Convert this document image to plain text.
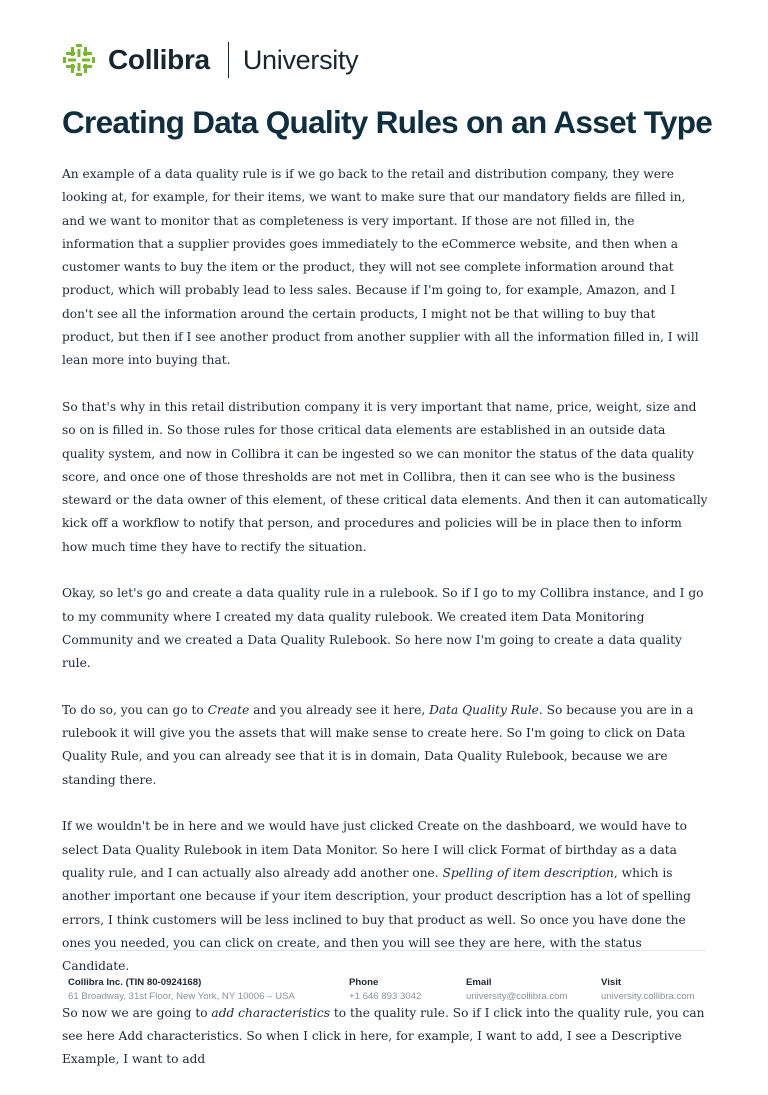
Collibra University
Creating Data Quality Rules on an Asset Type

An example of a data quality rule is if we go back to the retail and distribution company, they were looking at, for example, for their items, we want to make sure that our mandatory fields are filled in, and we want to monitor that as completeness is very important. If those are not filled in, the information that a supplier provides goes immediately to the eCommerce website, and then when a customer wants to buy the item or the product, they will not see complete information around that product, which will probably lead to less sales. Because if I'm going to, for example, Amazon, and I don't see all the information around the certain products, I might not be that willing to buy that product, but then if I see another product from another supplier with all the information filled in, I will lean more into buying that.

So that's why in this retail distribution company it is very important that name, price, weight, size and so on is filled in. So those rules for those critical data elements are established in an outside data quality system, and now in Collibra it can be ingested so we can monitor the status of the data quality score, and once one of those thresholds are not met in Collibra, then it can see who is the business steward or the data owner of this element, of these critical data elements. And then it can automatically kick off a workflow to notify that person, and procedures and policies will be in place then to inform how much time they have to rectify the situation.

Okay, so let's go and create a data quality rule in a rulebook. So if I go to my Collibra instance, and I go to my community where I created my data quality rulebook. We created item Data Monitoring Community and we created a Data Quality Rulebook. So here now I'm going to create a data quality rule.

To do so, you can go to Create and you already see it here, Data Quality Rule. So because you are in a rulebook it will give you the assets that will make sense to create here. So I'm going to click on Data Quality Rule, and you can already see that it is in domain, Data Quality Rulebook, because we are standing there.

If we wouldn't be in here and we would have just clicked Create on the dashboard, we would have to select Data Quality Rulebook in item Data Monitor. So here I will click Format of birthday as a data quality rule, and I can actually also already add another one. Spelling of item description, which is another important one because if your item description, your product description has a lot of spelling errors, I think customers will be less inclined to buy that product as well. So once you have done the ones you needed, you can click on create, and then you will see they are here, with the status Candidate.

So now we are going to add characteristics to the quality rule. So if I click into the quality rule, you can see here Add characteristics. So when I click in here, for example, I want to add, I see a Descriptive Example, I want to add

Collibra Inc. (TIN 80-0924168)
61 Broadway, 31st Floor, New York, NY 10006 – USA
Phone
+1 646 893 3042
Email
university@collibra.com
Visit
university.collibra.com
